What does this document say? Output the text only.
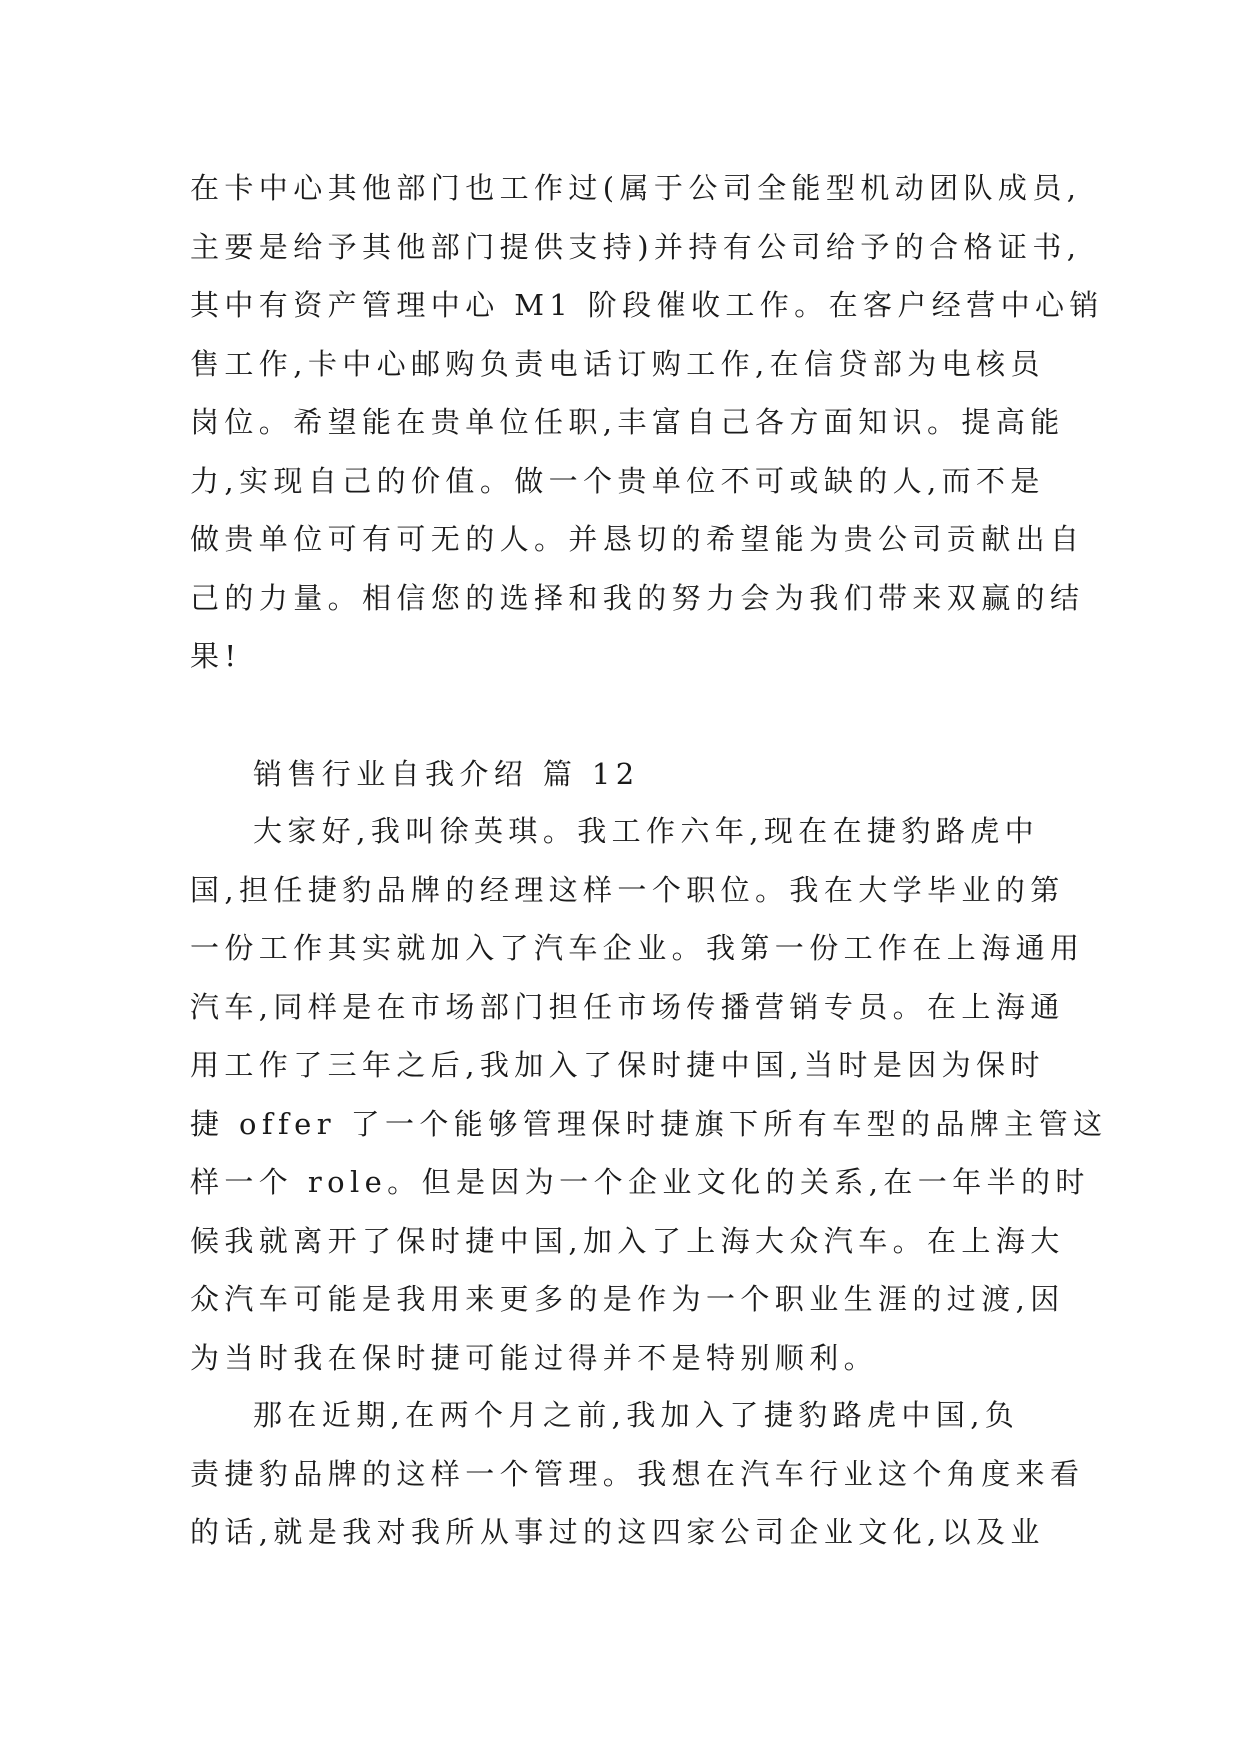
在卡中心其他部门也工作过(属于公司全能型机动团队成员,
主要是给予其他部门提供支持)并持有公司给予的合格证书,
其中有资产管理中心 M1 阶段催收工作。在客户经营中心销
售工作,卡中心邮购负责电话订购工作,在信贷部为电核员
岗位。希望能在贵单位任职,丰富自己各方面知识。提高能
力,实现自己的价值。做一个贵单位不可或缺的人,而不是
做贵单位可有可无的人。并恳切的希望能为贵公司贡献出自
己的力量。相信您的选择和我的努力会为我们带来双赢的结
果!
销售行业自我介绍 篇 12
大家好,我叫徐英琪。我工作六年,现在在捷豹路虎中
国,担任捷豹品牌的经理这样一个职位。我在大学毕业的第
一份工作其实就加入了汽车企业。我第一份工作在上海通用
汽车,同样是在市场部门担任市场传播营销专员。在上海通
用工作了三年之后,我加入了保时捷中国,当时是因为保时
捷 offer 了一个能够管理保时捷旗下所有车型的品牌主管这
样一个 role。但是因为一个企业文化的关系,在一年半的时
候我就离开了保时捷中国,加入了上海大众汽车。在上海大
众汽车可能是我用来更多的是作为一个职业生涯的过渡,因
为当时我在保时捷可能过得并不是特别顺利。
那在近期,在两个月之前,我加入了捷豹路虎中国,负
责捷豹品牌的这样一个管理。我想在汽车行业这个角度来看
的话,就是我对我所从事过的这四家公司企业文化,以及业
